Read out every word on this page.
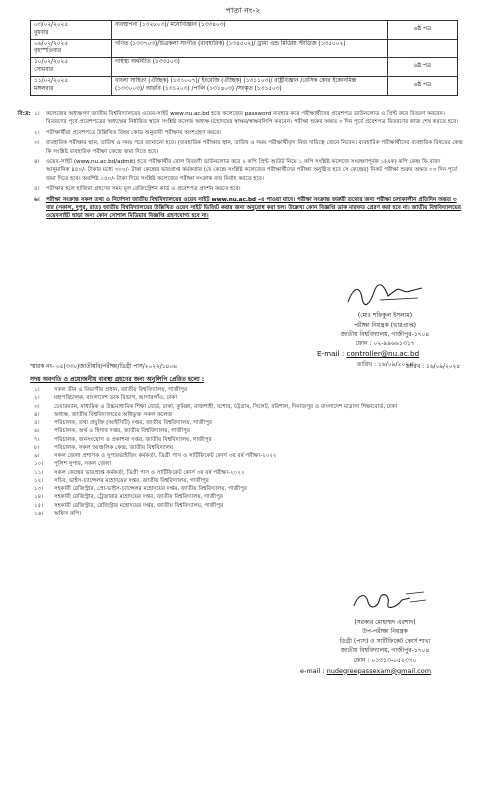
পাতা নং-২
০৩/০২/২০২৫
বুধবার	ব্যবস্থাপনা (১৩২৮০৩)/ মনোবিজ্ঞান (১৩৩৪০৩)	৬ষ্ঠ পত্র

০৬/০২/২০২৫
বৃহস্পতিবার	গণিত (১৩৩৭০৩)/চিত্রকলা সংগীত (ব্যবহারিক) (১৩৪৫০২)/ ড্রামা এন্ড মিডিয়া স্টাডিজ (১৩৫০০২)	

১০/০২/২০২৫
সোমবার	গার্হস্থ্য অর্থনীতি (১৩৩৫০৩)	৬ষ্ঠ পত্র

১১/০২/২০২৫
মঙ্গলবার	বাংলা সাহিত্য (ঐচ্ছিক) (১৩১০০৭)/ ইংরেজি (ঐচ্ছিক) (১৩১১০৩)/ রাষ্ট্রবিজ্ঞান /বেসিক কোর ইকোনমিক্স (১৩৩০০৩)/ আরবি (১৩১২০৩) /পালি (১৩১৪০৩) /সংস্কৃত (১৩১৫০৩)	৬ষ্ঠ পত্র
বি:দ্র: ১। কলেজের অধ্যক্ষগণ জাতীয় বিশ্ববিদ্যালয়ের ওয়েব-সাইট www.nu.ac.bd হতে কলেজের password ব্যবহার করে পরীক্ষার্থীদের প্রবেশপত্র ডাউনলোড ও প্রিন্ট করে বিতরণ করবেন। বিতরণের পূর্বে প্রবেশপত্রের অধ্যক্ষের নির্ধারিত স্থানে সংশ্লিষ্ট কলেজ অধ্যক্ষ মহোদয়ের স্বাক্ষর/স্বাক্ষরলিপি করবেন। পরীক্ষা শুরুর অন্তত ৩ দিন পূর্বে প্রবেশপত্র বিতরণের কাজ শেষ করতে হবে।
২। পরীক্ষার্থীরা প্রবেশপত্রে উল্লিখিত বিষয় কোড অনুযায়ী পরীক্ষায় অংশগ্রহণ করবে।
৩। ব্যবহারিক পরীক্ষার স্থান, তারিখ ও সময় পরে জানানো হবে। (ব্যবহারিক পরীক্ষার স্থান, তারিখ ও সময় পরীক্ষার্থীবৃন্দ নিজ দায়িত্বে জেনে নিবেন। ব্যবহারিক পরীক্ষার্থীদের ব্যবহারিক বিষয়ের কেন্দ্র কি সংশ্লিষ্ট ব্যবহারিক পরীক্ষা কেন্দ্রে জমা দিতে হবে।
৪। ওয়েব-সাইট (www.nu.ac.bd/admit) হতে পরীক্ষার্থীর রোল বিবরণী ডাউনলোড করে ২ কপি প্রিন্ট আউট নিয়ে ১ কপি সংশ্লিষ্ট কলেজে সংরক্ষণপূর্বক ১(এক) কপি কেন্দ্র ফি বাবদ আনুমানিক ৪৫০/- টাকার মধ্যে ৩০০/- টাকা কেন্দ্রের ভারপ্রাপ্ত কর্মকর্তার (যে কেন্দ্রে সংশ্লিষ্ট কলেজের পরীক্ষার্থীদের পরীক্ষা অনুষ্ঠিত হবে সে কেন্দ্রের) নিকট পরীক্ষা শুরুর অন্তত ০৩ দিন পূর্বে জমা দিতে হবে। অবশিষ্ট ১৫০/- টাকা দিয়ে সংশ্লিষ্ট কলেজের পরীক্ষা সংক্রান্ত ব্যয় নির্বাহ করতে হবে।
৫। পরীক্ষার হলে হাজিরা গ্রহণের সময় মূল রেজিস্ট্রেশন কার্ড ও প্রবেশপত্র প্রদর্শন করতে হবে।
৬। পরীক্ষা সংক্রান্ত সকল তথ্য ও নির্দেশনা জাতীয় বিশ্ববিদ্যালয়ের ওয়েব সাইট www.nu.ac.bd -এ পাওয়া যাবে। পরীক্ষা সংক্রান্ত জরুরী তথ্যের জন্য পরীক্ষা চলাকালীন প্রতিদিন অন্তত ৩ বার (সকাল, দুপুর, রাত) জাতীয় বিশ্ববিদ্যালয়ের উল্লিখিত ওয়েব সাইট ভিজিট করার জন্য অনুরোধ করা হল। উল্লেখ্য কোন বিজ্ঞপ্তি ডাক মারফত প্রেরণ করা হবে না। জাতীয় বিশ্ববিদ্যালয়ের ওয়েবসাইট ছাড়া অন্য কোন সোশাল মিডিয়ার বিজ্ঞপ্তি গ্রহণযোগ্য হবে না।
(মোঃ শফিকুল ইসলাম)
পরীক্ষা নিয়ন্ত্রক (ভারপ্রাপ্ত)
জাতীয় বিশ্ববিদ্যালয়, গাজীপুর-১৭০৪
ফোন : ০২-৯৯৬৬১৩১৭
E-mail : controller@nu.ac.bd
তারিখ : ১৬/০৯/২০২৪
স্মারক নং- ০৫(৩৩০)জাতীয়বি/পরীক্ষা/ডিগ্রী পাস/২০২২/১৪০৬	তারিখ : ১৬/০৯/২০২৪
সদয় অবগতি ও প্রয়োজনীয় ব্যবস্থা গ্রহণের জন্য অনুলিপি প্রেরিত হলো :
১।	সকল ডীন ও বিভাগীয় প্রধান, জাতীয় বিশ্ববিদ্যালয়, গাজীপুর
২।	মহাপরিচালক, বাংলাদেশ ডাক বিভাগ, আগারগাঁও, ঢাকা
৩।	চেয়ারম্যান, মাধ্যমিক ও উচ্চমাধ্যমিক শিক্ষা বোর্ড, ঢাকা, কুমিল্লা, রাজশাহী, যশোর, চট্টগ্রাম, সিলেট, বরিশাল, দিনাজপুর ও বাংলাদেশ মাদ্রাসা শিক্ষাবোর্ড, ঢাকা
৪।	অধ্যক্ষ, জাতীয় বিশ্ববিদ্যালয়ের অধিভুক্ত সকল কলেজ
৫।	পরিচালক, তথ্য প্রযুক্তি (আইসিটি) দপ্তর, জাতীয় বিশ্ববিদ্যালয়, গাজীপুর
৬।	পরিচালক, অর্থ ও হিসাব দপ্তর, জাতীয় বিশ্ববিদ্যালয়, গাজীপুর
৭।	পরিচালক, জনসংযোগ ও প্রকাশনা দপ্তর, জাতীয় বিশ্ববিদ্যালয়, গাজীপুর
৮।	পরিচালক, সকল আঞ্চলিক কেন্দ্র, জাতীয় বিশ্ববিদ্যালয়
৯।	সকল জেলা প্রশাসক ও সুপারভাইজিং কর্মকর্তা, ডিগ্রী পাস ও সার্টিফিকেট কোর্স ৩য় বর্ষ পরীক্ষা-২০২২
১০। পুলিশ সুপার, সকল জেলা
১১। সকল কেন্দ্রের ভারপ্রাপ্ত কর্মকর্তা, ডিগ্রী পাস ও সার্টিফিকেট কোর্স ৩য় বর্ষ পরীক্ষা-২০২২
১২। সচিব, ভাইস-চ্যান্সেলর মহোদয়ের দপ্তর, জাতীয় বিশ্ববিদ্যালয়, গাজীপুর
১৩। সহকারী রেজিস্ট্রার, প্রো-ভাইস-চ্যান্সেলর মহোদয়ের দপ্তর, জাতীয় বিশ্ববিদ্যালয়, গাজীপুর
১৪। সহকারী রেজিস্ট্রার, ট্রেজারার মহোদয়ের দপ্তর, জাতীয় বিশ্ববিদ্যালয়, গাজীপুর
১৫। সহকারী রেজিস্ট্রার, রেজিস্ট্রার মহোদয়ের দপ্তর, জাতীয় বিশ্ববিদ্যালয়, গাজীপুর
১৬। অফিস কপি।
(সরকার মোহাম্মদ এরশাদ)
উপ-পরীক্ষা নিয়ন্ত্রক
ডিগ্রী (পাস) ও সার্টিফিকেট কোর্স শাখা
জাতীয় বিশ্ববিদ্যালয়, গাজীপুর-১৭০৪
ফোন : ০১৩১৩-০৫২৩৭০
e-mail : nudegreepassexam@gmail.com
